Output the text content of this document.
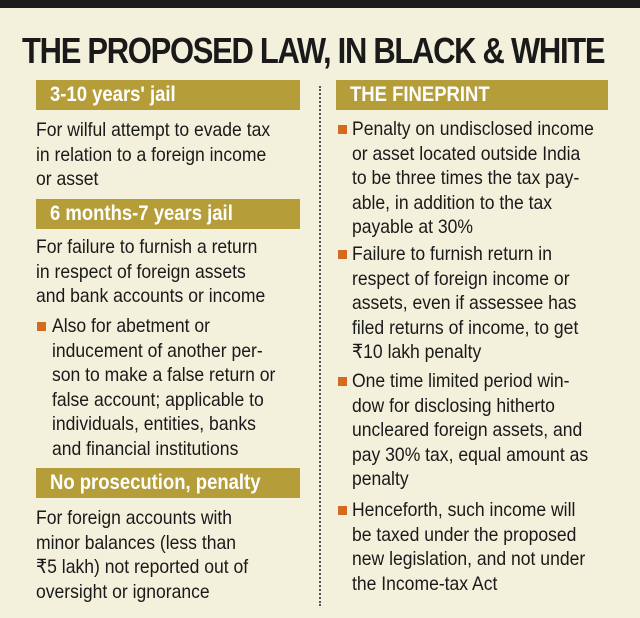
THE PROPOSED LAW, IN BLACK & WHITE
3-10 years' jail
For wilful attempt to evade tax
in relation to a foreign income
or asset
6 months-7 years jail
For failure to furnish a return
in respect of foreign assets
and bank accounts or income
Also for abetment or
inducement of another per-
son to make a false return or
false account; applicable to
individuals, entities, banks
and financial institutions
No prosecution, penalty
For foreign accounts with
minor balances (less than
₹5 lakh) not reported out of
oversight or ignorance
THE FINEPRINT
Penalty on undisclosed income
or asset located outside India
to be three times the tax pay-
able, in addition to the tax
payable at 30%
Failure to furnish return in
respect of foreign income or
assets, even if assessee has
filed returns of income, to get
₹10 lakh penalty
One time limited period win-
dow for disclosing hitherto
uncleared foreign assets, and
pay 30% tax, equal amount as
penalty
Henceforth, such income will
be taxed under the proposed
new legislation, and not under
the Income-tax Act
